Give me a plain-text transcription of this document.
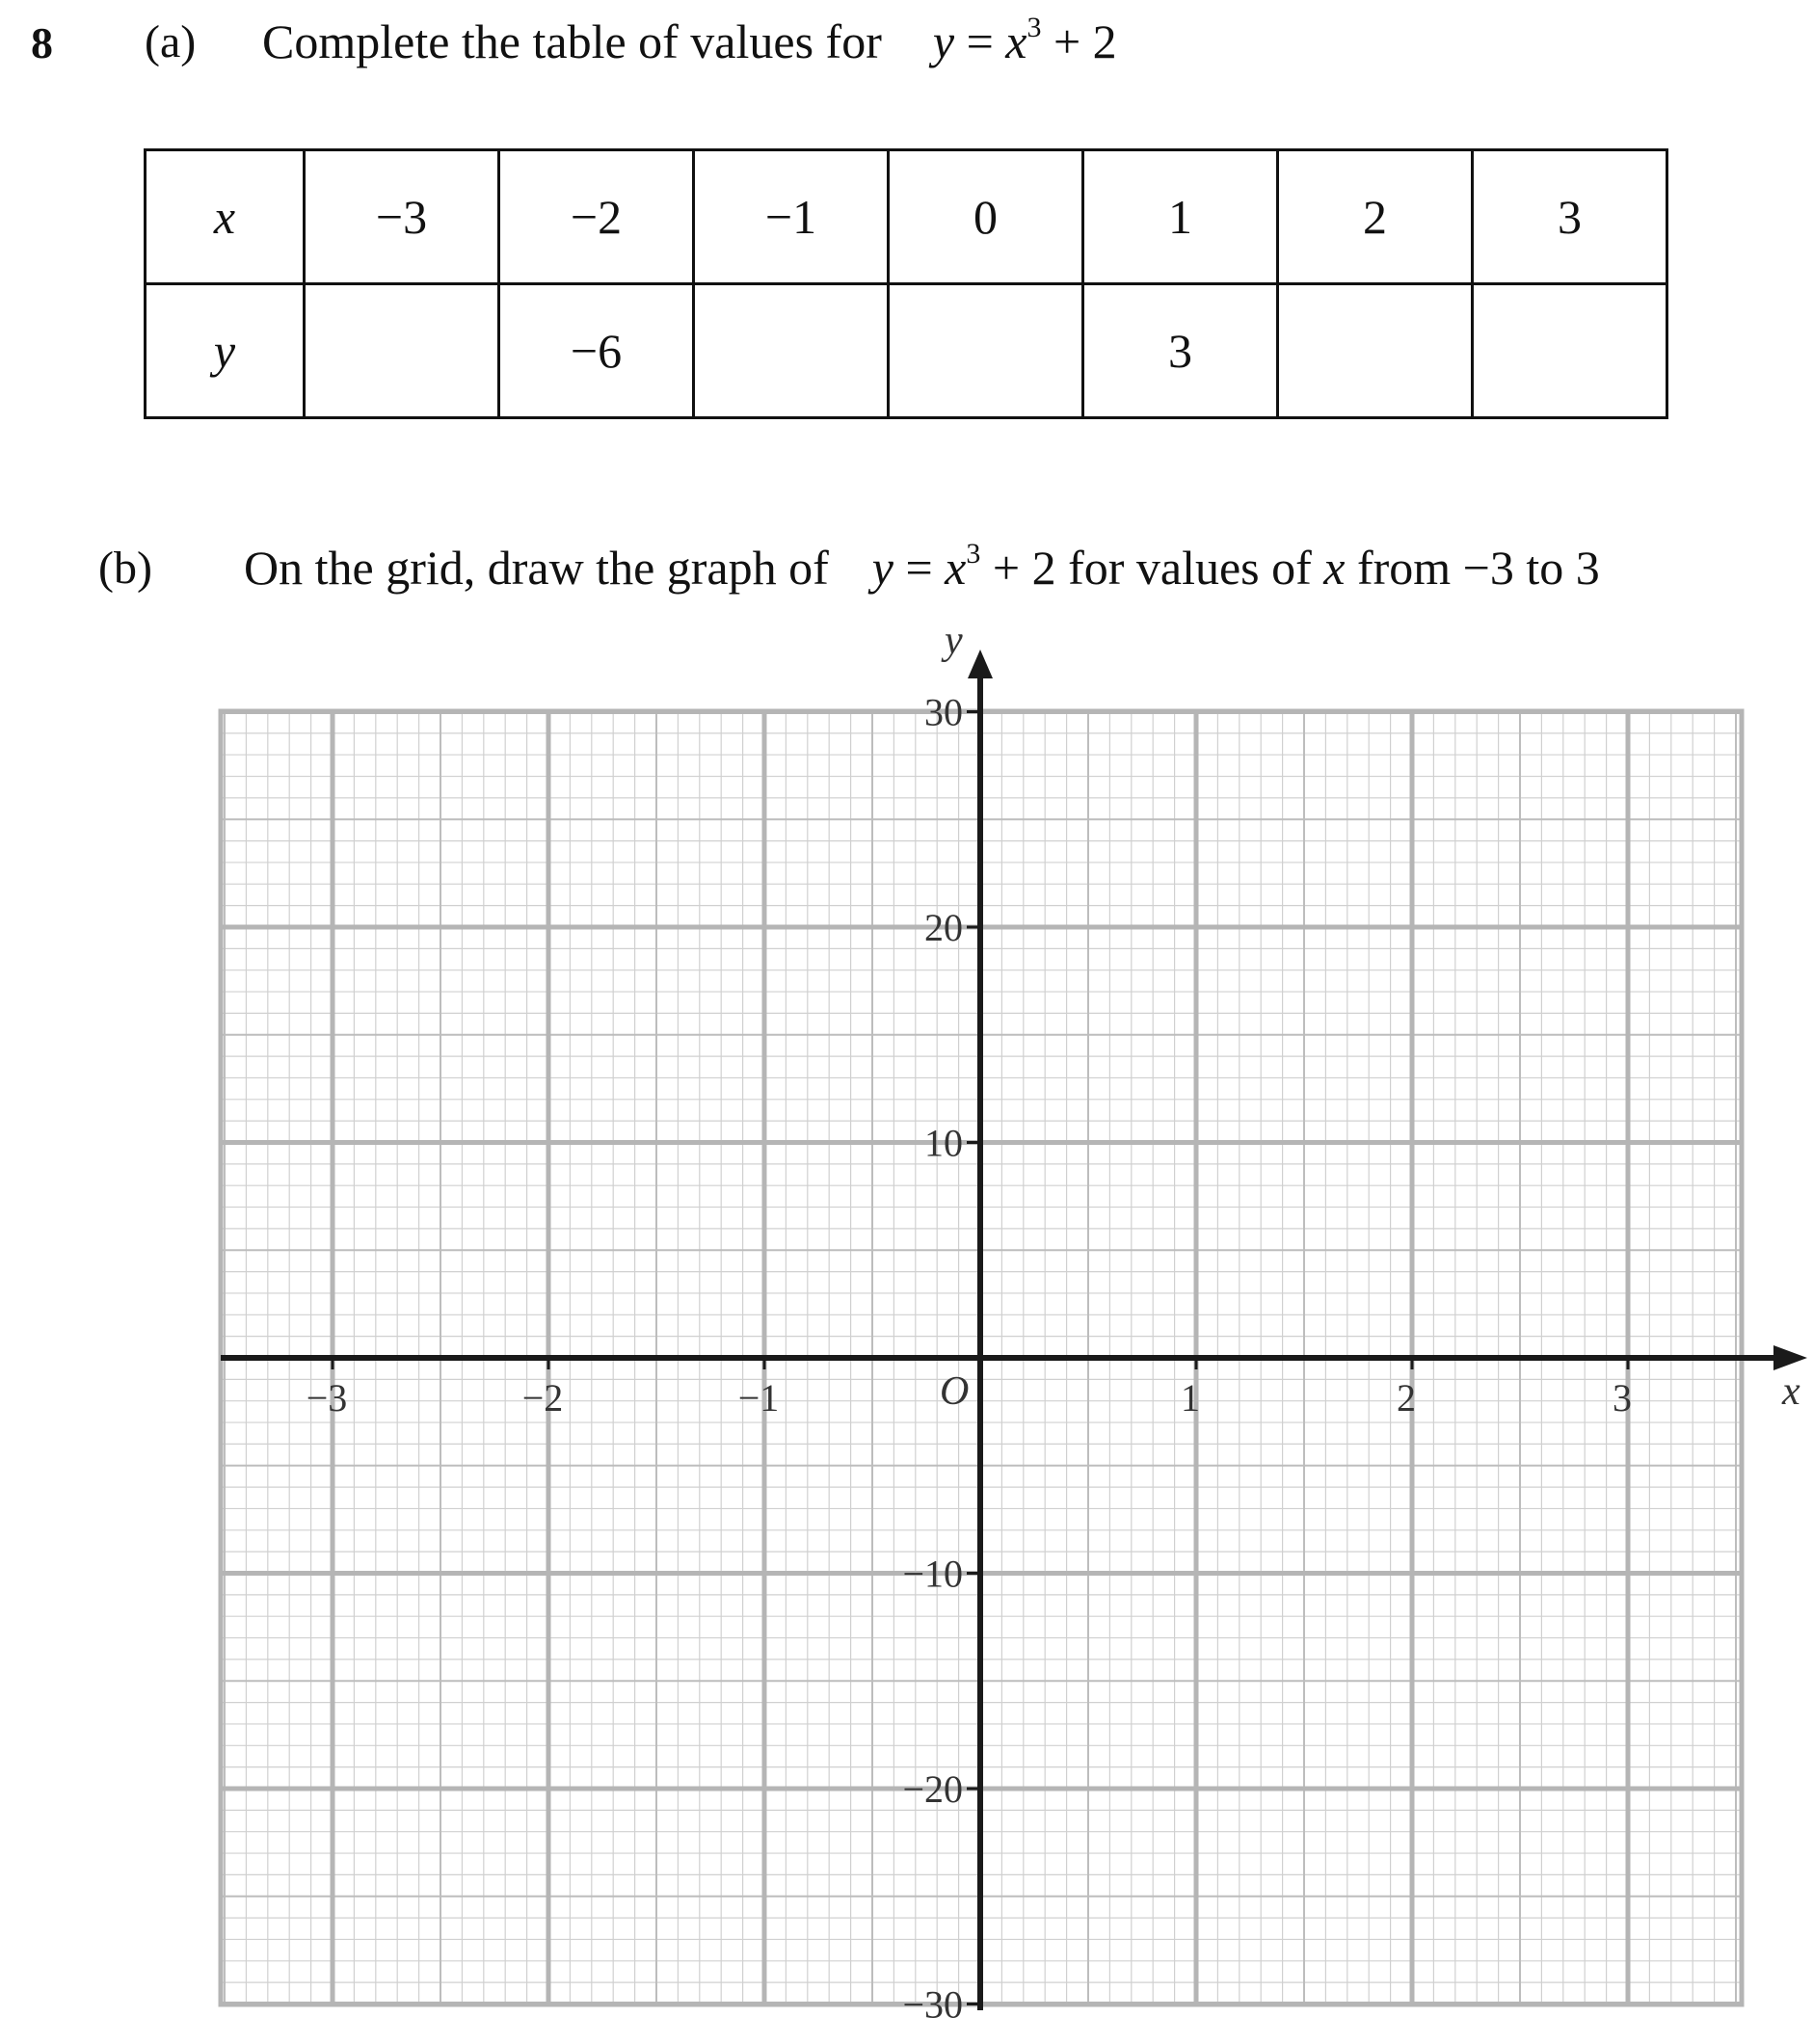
8 (a) Complete the table of values for $y = x^3 + 2$
x	−3	−2	−1	0	1	2	3
y		−6			3		
(b) On the grid, draw the graph of $y = x^3 + 2$ for values of x from −3 to 3
−3	−2	−1	1	2	3
−30
−20
−10
10
20
30
O	x
y
